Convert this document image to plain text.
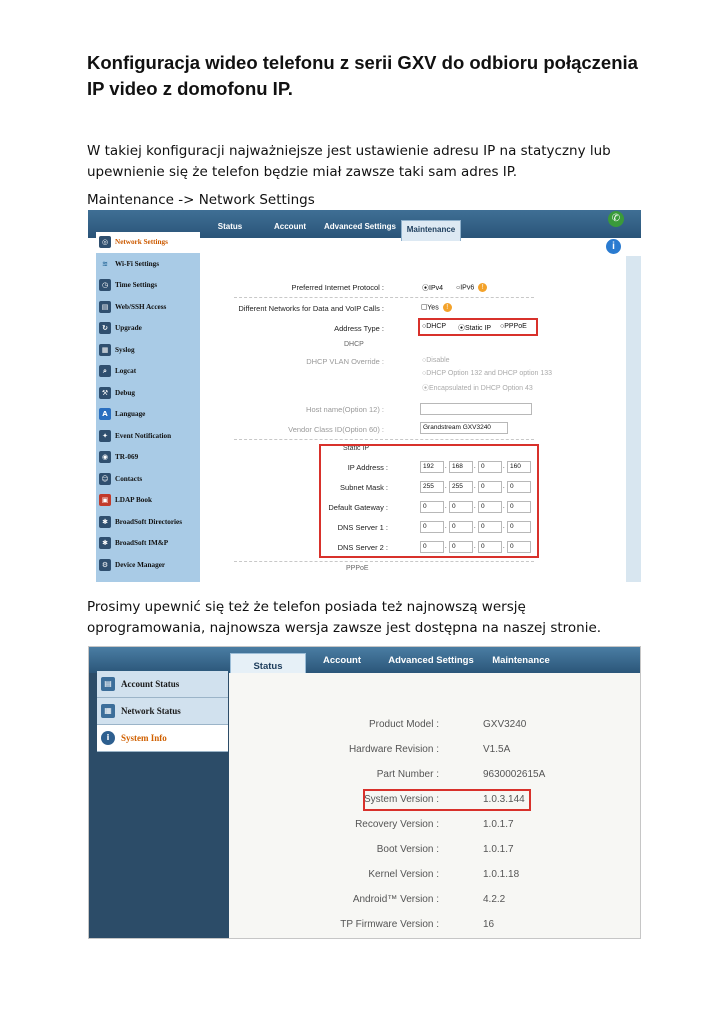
Konfiguracja wideo telefonu z serii GXV do odbioru połączenia IP video z domofonu IP.

W takiej konfiguracji najważniejsze jest ustawienie adresu IP na statyczny lub upewnienie się że telefon będzie miał zawsze taki sam adres IP.

Maintenance -> Network Settings

Status	Account	Advanced Settings	Maintenance
✆
i
◎ Network Settings
≋ Wi-Fi Settings
◷ Time Settings
▤ Web/SSH Access
↻ Upgrade
▦ Syslog
⌕	Logcat
⚒ Debug
A	Language
✦ Event Notification
◉ TR-069
☺ Contacts
▣ LDAP Book
✱ BroadSoft Directories
✱ BroadSoft IM&P
⚙ Device Manager
Preferred Internet Protocol :	⦿IPv4 ○IPv6 !
Different Networks for Data and VoIP Calls :	☐Yes !
Address Type :	○DHCP ⦿Static IP ○PPPoE
DHCP
DHCP VLAN Override :	○Disable
○DHCP Option 132 and DHCP option 133
⦿Encapsulated in DHCP Option 43
Host name(Option 12) :
Vendor Class ID(Option 60) :	Grandstream GXV3240
Static IP
IP Address :	192	. 168	. 0	. 160
Subnet Mask :	255	. 255	. 0	. 0
Default Gateway :	0	. 0	. 0	. 0
DNS Server 1 :	0	. 0	. 0	. 0
DNS Server 2 :	0	. 0	. 0	. 0
PPPoE

Prosimy upewnić się też że telefon posiada też najnowszą wersję oprogramowania, najnowsza wersja zawsze jest dostępna na naszej stronie.

Status
Account	Advanced Settings	Maintenance
▤	Account Status
▦	Network Status
i	System Info
Product Model :	GXV3240
Hardware Revision :	V1.5A
Part Number :	9630002615A
System Version :	1.0.3.144
Recovery Version :	1.0.1.7
Boot Version :	1.0.1.7
Kernel Version :	1.0.1.18
Android™ Version :	4.2.2
TP Firmware Version :	16
